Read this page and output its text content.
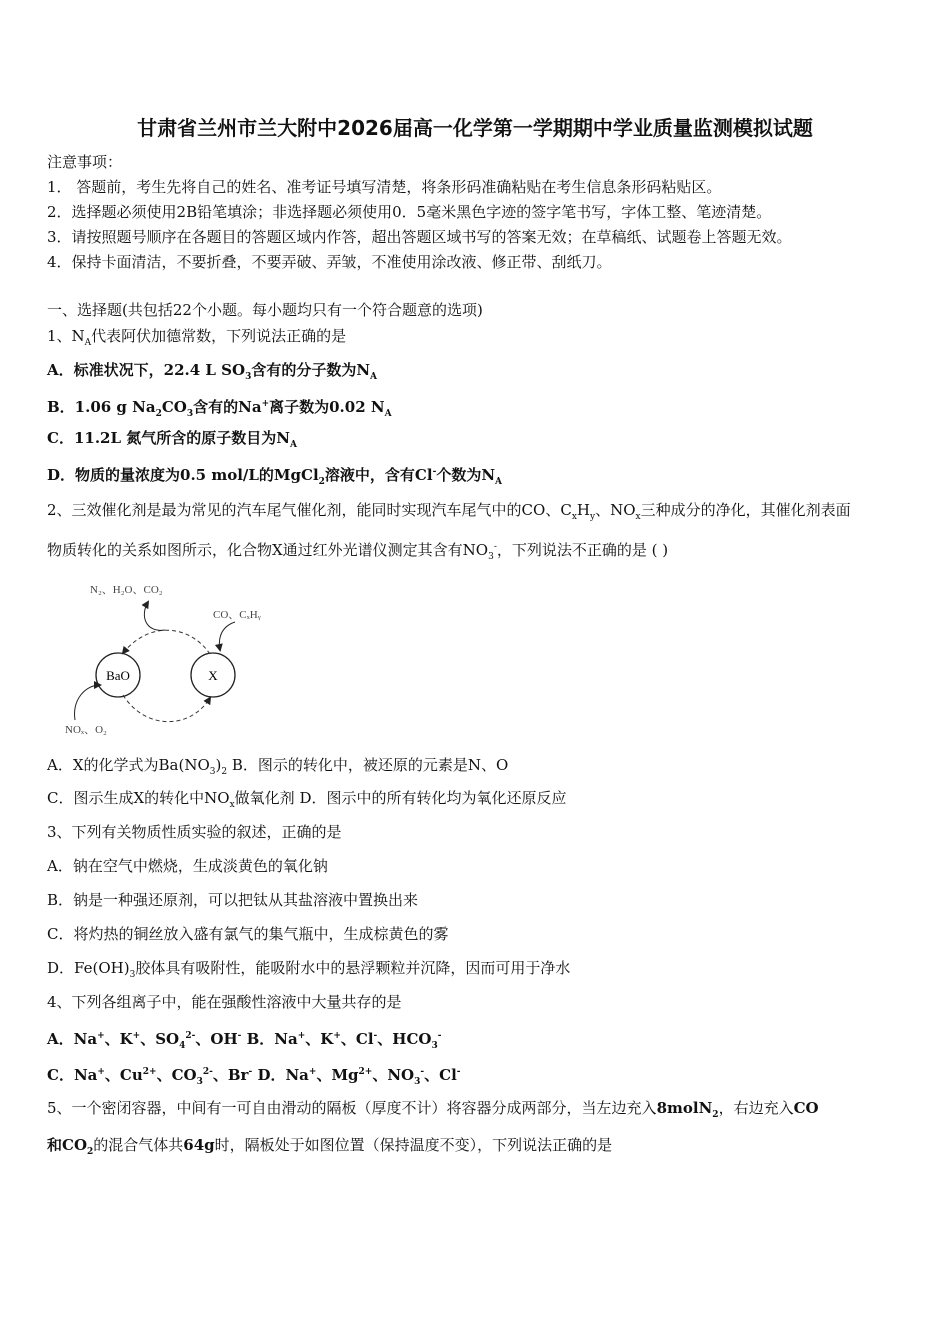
甘肃省兰州市兰大附中2026届高一化学第一学期期中学业质量监测模拟试题
注意事项：
1． 答题前，考生先将自己的姓名、准考证号填写清楚，将条形码准确粘贴在考生信息条形码粘贴区。
2．选择题必须使用2B铅笔填涂；非选择题必须使用0．5毫米黑色字迹的签字笔书写，字体工整、笔迹清楚。
3．请按照题号顺序在各题目的答题区域内作答，超出答题区域书写的答案无效；在草稿纸、试题卷上答题无效。
4．保持卡面清洁，不要折叠，不要弄破、弄皱，不准使用涂改液、修正带、刮纸刀。
一、选择题(共包括22个小题。每小题均只有一个符合题意的选项)
1、$N_A$代表阿伏加德常数，下列说法正确的是
A．标准状况下，22.4 L $SO_3$含有的分子数为$N_A$
B．1.06 g $Na_2CO_3$含有的Na+离子数为0.02 $N_A$
C．11.2L 氮气所含的原子数目为$N_A$
D．物质的量浓度为0.5 mol/L的MgCl$_2$溶液中，含有Cl-个数为$N_A$
2、三效催化剂是最为常见的汽车尾气催化剂，能同时实现汽车尾气中的CO、$C_xH_y$、$NO_x$三种成分的净化，其催化剂表面
物质转化的关系如图所示，化合物X通过红外光谱仪测定其含有$NO_3^-$，下列说法不正确的是 ( )
A．X的化学式为$Ba(NO_3)_2$ B．图示的转化中，被还原的元素是N、O
C．图示生成X的转化中$NO_x$做氧化剂 D．图示中的所有转化均为氧化还原反应
3、下列有关物质性质实验的叙述，正确的是
A．钠在空气中燃烧，生成淡黄色的氧化钠
B．钠是一种强还原剂，可以把钛从其盐溶液中置换出来
C．将灼热的铜丝放入盛有氯气的集气瓶中，生成棕黄色的雾
D．$Fe(OH)_3$胶体具有吸附性，能吸附水中的悬浮颗粒并沉降，因而可用于净水
4、下列各组离子中，能在强酸性溶液中大量共存的是
A．Na+、K+、$SO_4^{2-}$、OH- B．Na+、K+、Cl-、$HCO_3^-$
C．Na+、$Cu^{2+}$、$CO_3^{2-}$、Br- D．Na+、$Mg^{2+}$、$NO_3^-$、Cl-
5、一个密闭容器，中间有一可自由滑动的隔板（厚度不计）将容器分成两部分，当左边充入8molN$_2$，右边充入CO
和$CO_2$的混合气体共64g时，隔板处于如图位置（保持温度不变），下列说法正确的是
BaO	X
N₂、H₂O、CO₂
CO、CₓHᵧ
NOₓ、O₂
